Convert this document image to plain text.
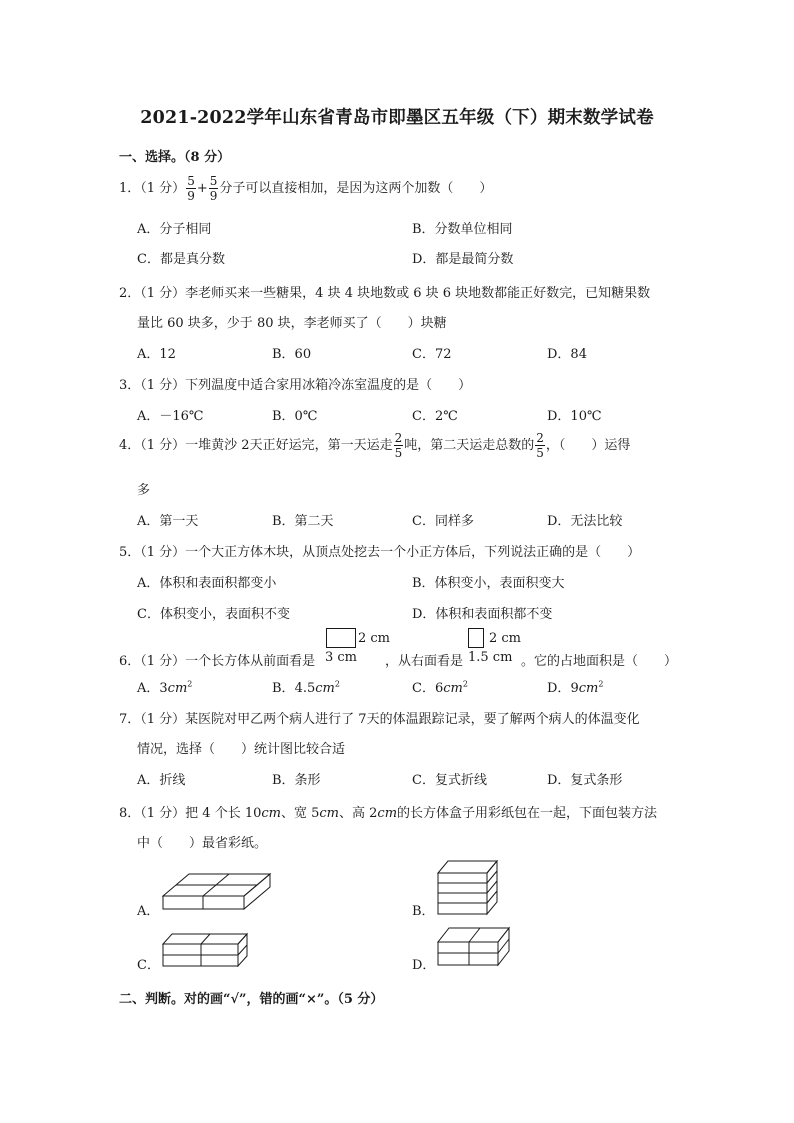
2021-2022学年山东省青岛市即墨区五年级（下）期末数学试卷
一、选择。（8 分）
1．（1 分） $\frac{5}{9} + \frac{5}{9}$ 分子可以直接相加，是因为这两个加数（　　）
A．分子相同	B．分数单位相同
C．都是真分数	D．都是最简分数
2．（1 分）李老师买来一些糖果，4 块 4 块地数或 6 块 6 块地数都能正好数完，已知糖果数
量比 60 块多，少于 80 块，李老师买了（　　）块糖
A．12	B．60	C．72	D．84
3．（1 分）下列温度中适合家用冰箱冷冻室温度的是（　　）
A．－16℃	B．0℃	C．2℃	D．10℃
4．（1 分）一堆黄沙 2天正好运完，第一天运走 $\frac{2}{5}$ 吨，第二天运走总数的 $\frac{2}{5}$ ，（　　）运得
多
A．第一天	B．第二天	C．同样多	D．无法比较
5．（1 分）一个大正方体木块，从顶点处挖去一个小正方体后，下列说法正确的是（　　）
A．体积和表面积都变小	B．体积变小，表面积变大
C．体积变小，表面积不变	D．体积和表面积都不变
6．（1 分）一个长方体从前面看是
2 cm
3 cm ，从右面看是
2 cm
1.5 cm 。它的占地面积是（　　）
A．$3cm^2$	B．$4.5cm^2$	C．$6cm^2$	D．$9cm^2$
7．（1 分）某医院对甲乙两个病人进行了 7天的体温跟踪记录，要了解两个病人的体温变化
情况，选择（　　）统计图比较合适
A．折线	B．条形	C．复式折线	D．复式条形
8．（1 分）把 4 个长 10cm、宽 5cm、高 2cm的长方体盒子用彩纸包在一起，下面包装方法
中（　　）最省彩纸。
A．	B．
C．	D．
二、判断。对的画“√”，错的画“×”。（5 分）
